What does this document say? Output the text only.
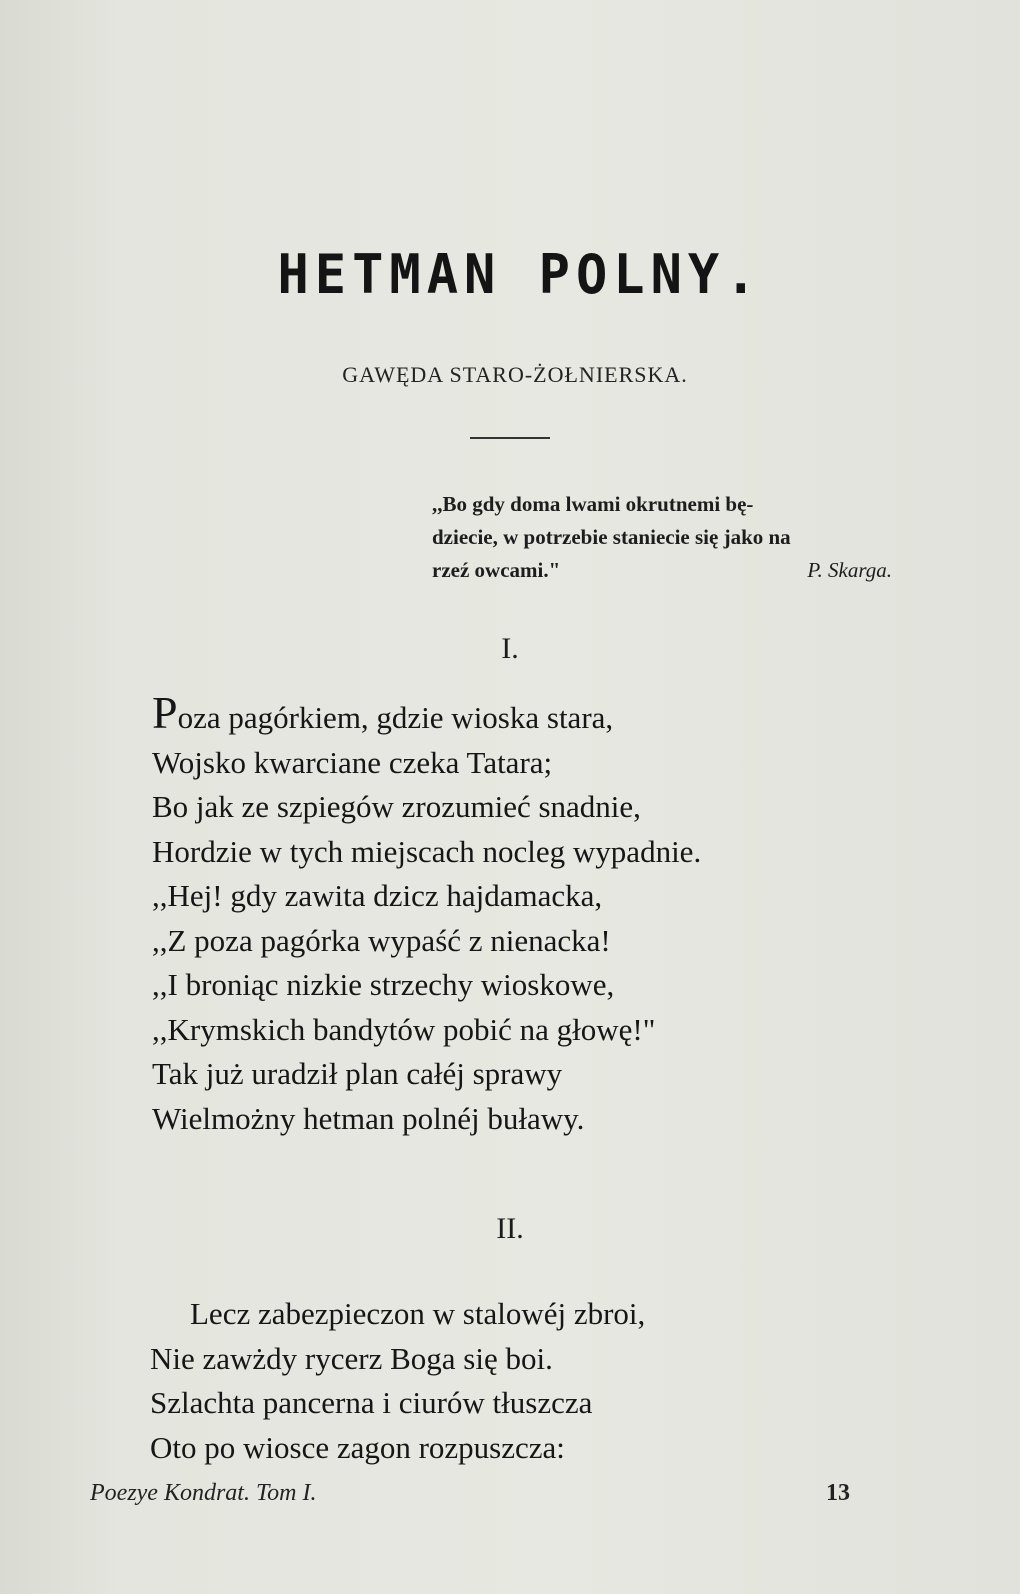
HETMAN POLNY.
GAWĘDA STARO-ŻOŁNIERSKA.
,,Bo gdy doma lwami okrutnemi bę-
dziecie, w potrzebie staniecie się jako na
rzeź owcami."	P. Skarga.
I.
Poza pagórkiem, gdzie wioska stara,
Wojsko kwarciane czeka Tatara;
Bo jak ze szpiegów zrozumieć snadnie,
Hordzie w tych miejscach nocleg wypadnie.
,,Hej! gdy zawita dzicz hajdamacka,
,,Z poza pagórka wypaść z nienacka!
,,I broniąc nizkie strzechy wioskowe,
,,Krymskich bandytów pobić na głowę!"
Tak już uradził plan całéj sprawy
Wielmożny hetman polnéj buławy.
II.
Lecz zabezpieczon w stalowéj zbroi,
Nie zawżdy rycerz Boga się boi.
Szlachta pancerna i ciurów tłuszcza
Oto po wiosce zagon rozpuszcza:
Poezye Kondrat. Tom I.	13
